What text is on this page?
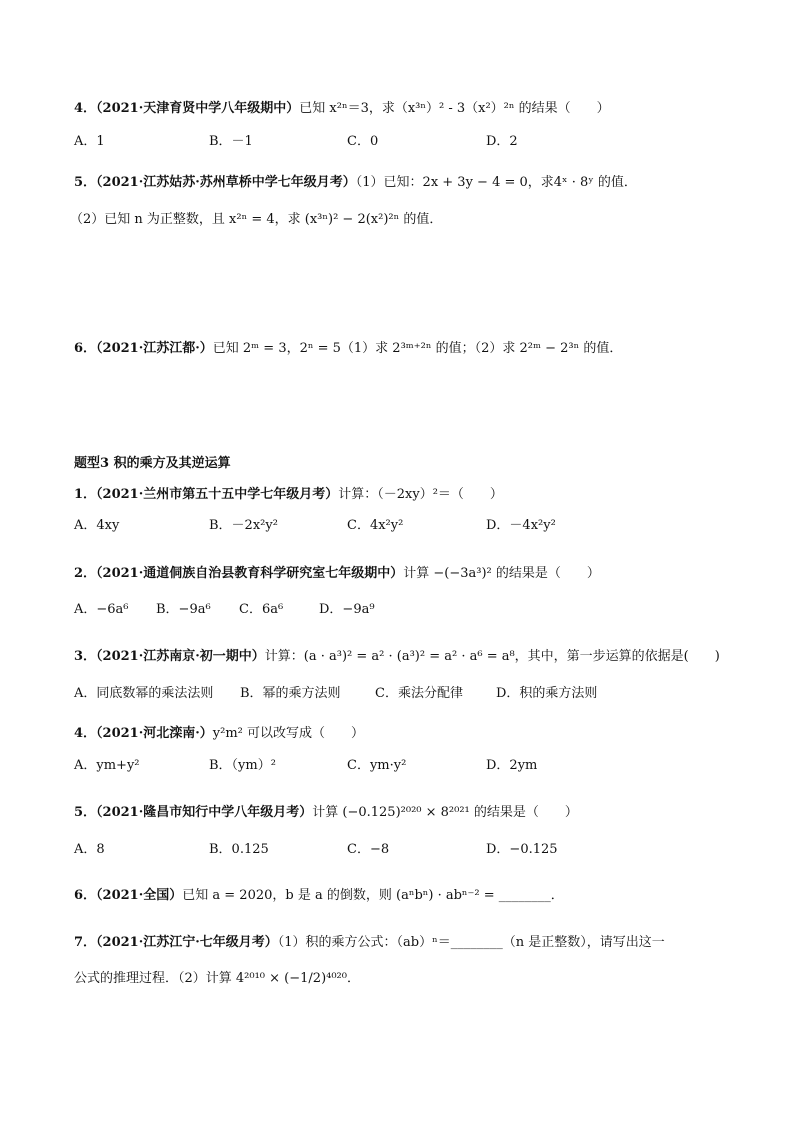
4．（2021·天津育贤中学八年级期中）已知 x²ⁿ＝3，求（x³ⁿ）² - 3（x²）²ⁿ 的结果（　　）
A．1	B．－1	C．0	D．2
5．（2021·江苏姑苏·苏州草桥中学七年级月考）（1）已知：2x + 3y − 4 = 0，求4ˣ · 8ʸ 的值．
（2）已知 n 为正整数，且 x²ⁿ = 4，求 (x³ⁿ)² − 2(x²)²ⁿ 的值．
6．（2021·江苏江都·）已知 2ᵐ = 3，2ⁿ = 5（1）求 2³ᵐ⁺²ⁿ 的值；（2）求 2²ᵐ − 2³ⁿ 的值．
题型3 积的乘方及其逆运算
1．（2021·兰州市第五十五中学七年级月考）计算：（－2xy）²＝（　　）
A．4xy	B．－2x²y²	C．4x²y²	D．－4x²y²
2．（2021·通道侗族自治县教育科学研究室七年级期中）计算 −(−3a³)² 的结果是（　　）
A．−6a⁶ B．−9a⁶ C．6a⁶	D．−9a⁹
3．（2021·江苏南京·初一期中）计算：(a · a³)² = a² · (a³)² = a² · a⁶ = a⁸，其中，第一步运算的依据是(　　)
A．同底数幂的乘法法则 B．幂的乘方法则	C．乘法分配律	D．积的乘方法则
4．（2021·河北滦南·）y²m² 可以改写成（　　）
A．ym+y²	B．（ym）²	C．ym·y²	D．2ym
5．（2021·隆昌市知行中学八年级月考）计算 (−0.125)²⁰²⁰ × 8²⁰²¹ 的结果是（　　）
A．8	B．0.125	C．−8	D．−0.125
6．（2021·全国）已知 a = 2020，b 是 a 的倒数，则 (aⁿbⁿ) · abⁿ⁻² = ________．
7．（2021·江苏江宁·七年级月考）（1）积的乘方公式：（ab）ⁿ＝________（n 是正整数），请写出这一
公式的推理过程．（2）计算 4²⁰¹⁰ × (−1/2)⁴⁰²⁰．
